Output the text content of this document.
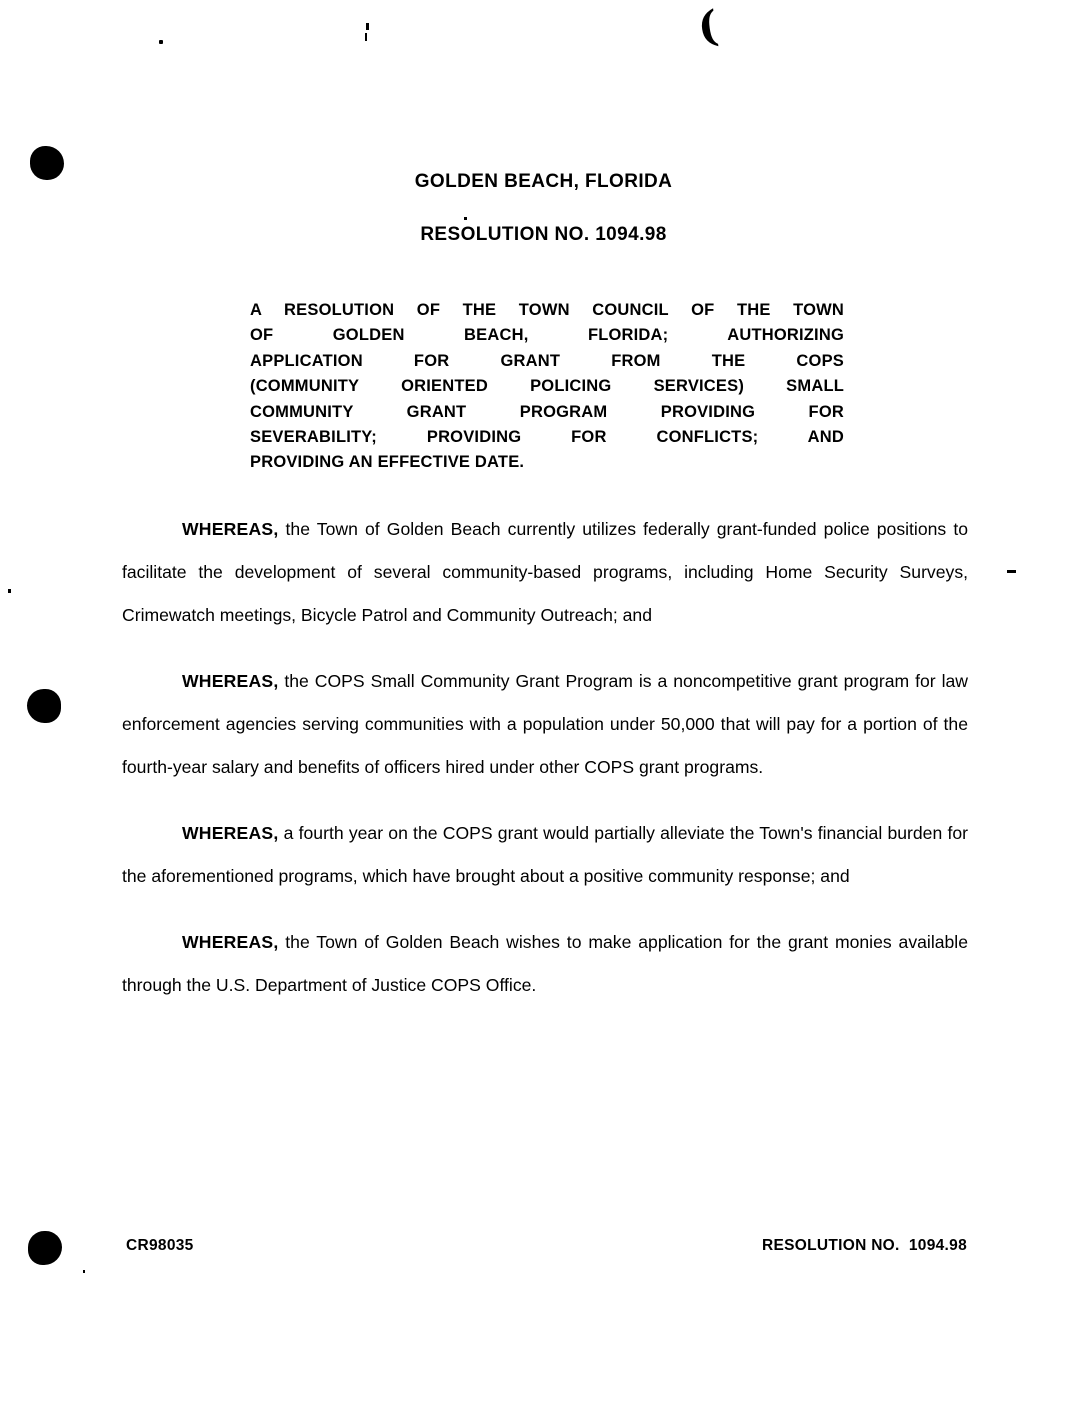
(
GOLDEN BEACH, FLORIDA
RESOLUTION NO. 1094.98
A RESOLUTION OF THE TOWN COUNCIL OF THE TOWN
OF GOLDEN BEACH, FLORIDA; AUTHORIZING
APPLICATION FOR GRANT FROM THE COPS
(COMMUNITY ORIENTED POLICING SERVICES) SMALL
COMMUNITY GRANT PROGRAM PROVIDING FOR
SEVERABILITY; PROVIDING FOR CONFLICTS; AND
PROVIDING AN EFFECTIVE DATE.

WHEREAS, the Town of Golden Beach currently utilizes federally grant-funded police positions to facilitate the development of several community-based programs, including Home Security Surveys, Crimewatch meetings, Bicycle Patrol and Community Outreach; and

WHEREAS, the COPS Small Community Grant Program is a noncompetitive grant program for law enforcement agencies serving communities with a population under 50,000 that will pay for a portion of the fourth-year salary and benefits of officers hired under other COPS grant programs.

WHEREAS, a fourth year on the COPS grant would partially alleviate the Town's financial burden for the aforementioned programs, which have brought about a positive community response; and

WHEREAS, the Town of Golden Beach wishes to make application for the grant monies available through the U.S. Department of Justice COPS Office.

CR98035	RESOLUTION NO.  1094.98
